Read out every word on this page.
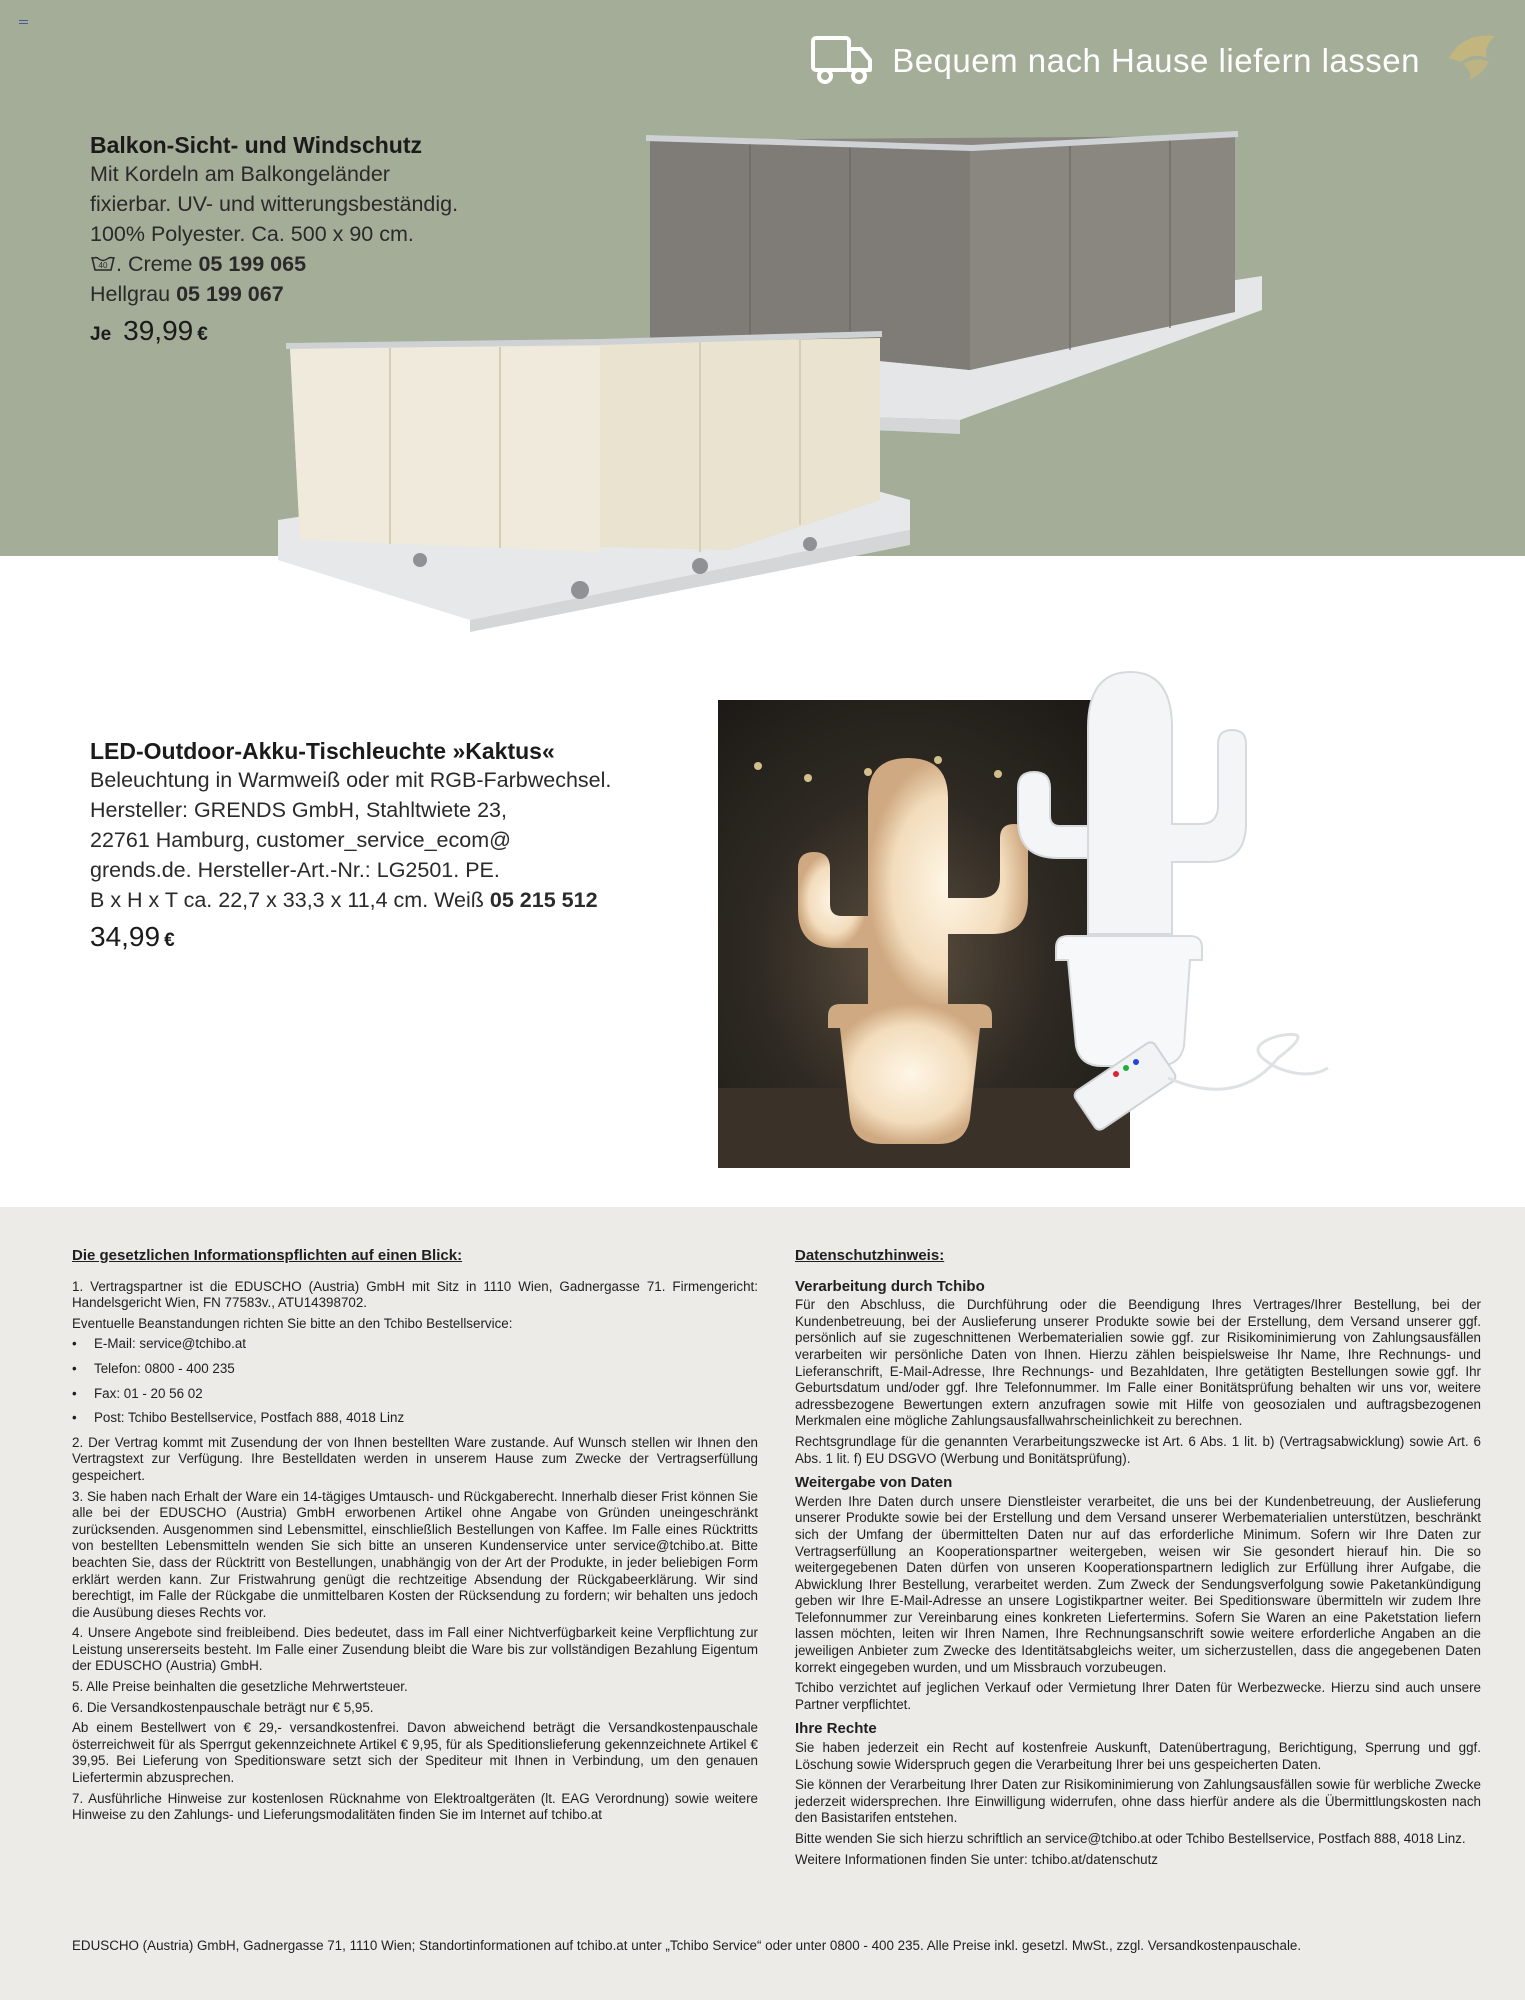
Bequem nach Hause liefern lassen
Balkon-Sicht- und Windschutz
Mit Kordeln am Balkongeländer
fixierbar. UV- und witterungsbeständig.
100% Polyester. Ca. 500 x 90 cm.
40 . Creme 05 199 065
Hellgrau 05 199 067
Je 39,99 €
LED-Outdoor-Akku-Tischleuchte »Kaktus«
Beleuchtung in Warmweiß oder mit RGB-Farbwechsel.
Hersteller: GRENDS GmbH, Stahltwiete 23,
22761 Hamburg, customer_service_ecom@
grends.de. Hersteller-Art.-Nr.: LG2501. PE.
B x H x T ca. 22,7 x 33,3 x 11,4 cm. Weiß 05 215 512
34,99 €
Die gesetzlichen Informationspflichten auf einen Blick:

1. Vertragspartner ist die EDUSCHO (Austria) GmbH mit Sitz in 1110 Wien, Gadnergasse 71. Firmengericht: Handelsgericht Wien, FN 77583v., ATU14398702.

Eventuelle Beanstandungen richten Sie bitte an den Tchibo Bestellservice:

• E-Mail: service@tchibo.at
• Telefon: 0800 - 400 235
• Fax: 01 - 20 56 02
• Post: Tchibo Bestellservice, Postfach 888, 4018 Linz

2. Der Vertrag kommt mit Zusendung der von Ihnen bestellten Ware zustande. Auf Wunsch stellen wir Ihnen den Vertragstext zur Verfügung. Ihre Bestelldaten werden in unserem Hause zum Zwecke der Vertragserfüllung gespeichert.

3. Sie haben nach Erhalt der Ware ein 14-tägiges Umtausch- und Rückgaberecht. Innerhalb dieser Frist können Sie alle bei der EDUSCHO (Austria) GmbH erworbenen Artikel ohne Angabe von Gründen uneingeschränkt zurücksenden. Ausgenommen sind Lebensmittel, einschließlich Bestellungen von Kaffee. Im Falle eines Rücktritts von bestellten Lebensmitteln wenden Sie sich bitte an unseren Kundenservice unter service@tchibo.at. Bitte beachten Sie, dass der Rücktritt von Bestellungen, unabhängig von der Art der Produkte, in jeder beliebigen Form erklärt werden kann. Zur Fristwahrung genügt die rechtzeitige Absendung der Rückgabeerklärung. Wir sind berechtigt, im Falle der Rückgabe die unmittelbaren Kosten der Rücksendung zu fordern; wir behalten uns jedoch die Ausübung dieses Rechts vor.

4. Unsere Angebote sind freibleibend. Dies bedeutet, dass im Fall einer Nichtverfügbarkeit keine Verpflichtung zur Leistung unsererseits besteht. Im Falle einer Zusendung bleibt die Ware bis zur vollständigen Bezahlung Eigentum der EDUSCHO (Austria) GmbH.

5. Alle Preise beinhalten die gesetzliche Mehrwertsteuer.

6. Die Versandkostenpauschale beträgt nur € 5,95.

Ab einem Bestellwert von € 29,- versandkostenfrei. Davon abweichend beträgt die Versandkostenpauschale österreichweit für als Sperrgut gekennzeichnete Artikel € 9,95, für als Speditionslieferung gekennzeichnete Artikel € 39,95. Bei Lieferung von Speditionsware setzt sich der Spediteur mit Ihnen in Verbindung, um den genauen Liefertermin abzusprechen.

7. Ausführliche Hinweise zur kostenlosen Rücknahme von Elektroaltgeräten (lt. EAG Verordnung) sowie weitere Hinweise zu den Zahlungs- und Lieferungsmodalitäten finden Sie im Internet auf tchibo.at

Datenschutzhinweis:
Verarbeitung durch Tchibo

Für den Abschluss, die Durchführung oder die Beendigung Ihres Vertrages/Ihrer Bestellung, bei der Kundenbetreuung, bei der Auslieferung unserer Produkte sowie bei der Erstellung, dem Versand unserer ggf. persönlich auf sie zugeschnittenen Werbematerialien sowie ggf. zur Risikominimierung von Zahlungsausfällen verarbeiten wir persönliche Daten von Ihnen. Hierzu zählen beispielsweise Ihr Name, Ihre Rechnungs- und Lieferanschrift, E-Mail-Adresse, Ihre Rechnungs- und Bezahldaten, Ihre getätigten Bestellungen sowie ggf. Ihr Geburtsdatum und/oder ggf. Ihre Telefonnummer. Im Falle einer Bonitätsprüfung behalten wir uns vor, weitere adressbezogene Bewertungen extern anzufragen sowie mit Hilfe von geosozialen und auftragsbezogenen Merkmalen eine mögliche Zahlungsausfallwahrscheinlichkeit zu berechnen.

Rechtsgrundlage für die genannten Verarbeitungszwecke ist Art. 6 Abs. 1 lit. b) (Vertragsabwicklung) sowie Art. 6 Abs. 1 lit. f) EU DSGVO (Werbung und Bonitätsprüfung).

Weitergabe von Daten

Werden Ihre Daten durch unsere Dienstleister verarbeitet, die uns bei der Kundenbetreuung, der Auslieferung unserer Produkte sowie bei der Erstellung und dem Versand unserer Werbematerialien unterstützen, beschränkt sich der Umfang der übermittelten Daten nur auf das erforderliche Minimum. Sofern wir Ihre Daten zur Vertragserfüllung an Kooperationspartner weitergeben, weisen wir Sie gesondert hierauf hin. Die so weitergegebenen Daten dürfen von unseren Kooperationspartnern lediglich zur Erfüllung ihrer Aufgabe, die Abwicklung Ihrer Bestellung, verarbeitet werden. Zum Zweck der Sendungsverfolgung sowie Paketankündigung geben wir Ihre E-Mail-Adresse an unsere Logistikpartner weiter. Bei Speditionsware übermitteln wir zudem Ihre Telefonnummer zur Vereinbarung eines konkreten Liefertermins. Sofern Sie Waren an eine Paketstation liefern lassen möchten, leiten wir Ihren Namen, Ihre Rechnungsanschrift sowie weitere erforderliche Angaben an die jeweiligen Anbieter zum Zwecke des Identitätsabgleichs weiter, um sicherzustellen, dass die angegebenen Daten korrekt eingegeben wurden, und um Missbrauch vorzubeugen.

Tchibo verzichtet auf jeglichen Verkauf oder Vermietung Ihrer Daten für Werbezwecke. Hierzu sind auch unsere Partner verpflichtet.

Ihre Rechte

Sie haben jederzeit ein Recht auf kostenfreie Auskunft, Datenübertragung, Berichtigung, Sperrung und ggf. Löschung sowie Widerspruch gegen die Verarbeitung Ihrer bei uns gespeicherten Daten.

Sie können der Verarbeitung Ihrer Daten zur Risikominimierung von Zahlungsausfällen sowie für werbliche Zwecke jederzeit widersprechen. Ihre Einwilligung widerrufen, ohne dass hierfür andere als die Übermittlungskosten nach den Basistarifen entstehen.

Bitte wenden Sie sich hierzu schriftlich an service@tchibo.at oder Tchibo Bestellservice, Postfach 888, 4018 Linz.

Weitere Informationen finden Sie unter: tchibo.at/datenschutz

EDUSCHO (Austria) GmbH, Gadnergasse 71, 1110 Wien; Standortinformationen auf tchibo.at unter „Tchibo Service“ oder unter 0800 - 400 235. Alle Preise inkl. gesetzl. MwSt., zzgl. Versandkostenpauschale.
